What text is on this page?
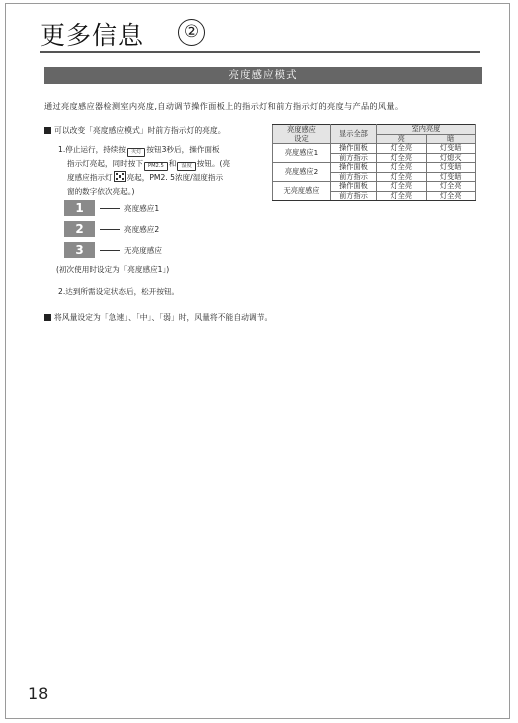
更多信息	②
亮度感应模式
通过亮度感应器检测室内亮度,自动调节操作面板上的指示灯和前方指示灯的亮度与产品的风量。
可以改变「亮度感应模式」时前方指示灯的亮度。
1.停止运行，持续按 灭灯 按钮3秒后，操作面板
指示灯亮起，同时按下 PM2.5 和 湿度 按钮。(亮
度感应指示灯 亮起，PM2. 5浓度/湿度指示
窗的数字依次亮起。)
1	亮度感应1
2	亮度感应2
3	无亮度感应
(初次使用时设定为「亮度感应1」)
2.达到所需设定状态后，松开按钮。
将风量设定为「急速」、「中」、「弱」时，风量将不能自动调节。
亮度感应
设定	显示全部	室内亮度	
		亮	暗
亮度感应1	操作面板	灯全亮	灯变暗
	前方指示	灯全亮	灯熄灭
亮度感应2	操作面板	灯全亮	灯变暗
	前方指示	灯全亮	灯变暗
无亮度感应	操作面板	灯全亮	灯全亮
	前方指示	灯全亮	灯全亮
18
